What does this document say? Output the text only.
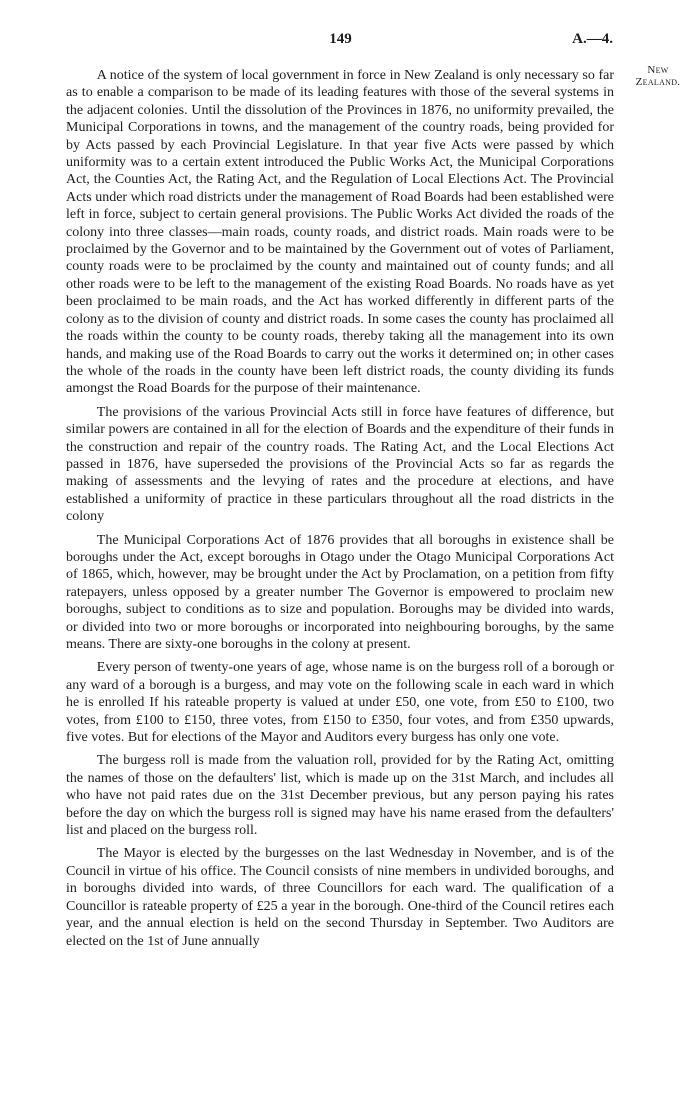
149	A.—4.
New
Zealand.

A notice of the system of local government in force in New Zealand is only necessary so far as to enable a comparison to be made of its leading features with those of the several systems in the adjacent colonies. Until the dissolution of the Provinces in 1876, no uniformity prevailed, the Municipal Corporations in towns, and the management of the country roads, being provided for by Acts passed by each Provincial Legislature. In that year five Acts were passed by which uniformity was to a certain extent introduced the Public Works Act, the Municipal Corporations Act, the Counties Act, the Rating Act, and the Regulation of Local Elections Act. The Provincial Acts under which road districts under the management of Road Boards had been established were left in force, subject to certain general provisions. The Public Works Act divided the roads of the colony into three classes—main roads, county roads, and district roads. Main roads were to be proclaimed by the Governor and to be maintained by the Government out of votes of Parliament, county roads were to be proclaimed by the county and maintained out of county funds; and all other roads were to be left to the management of the existing Road Boards. No roads have as yet been proclaimed to be main roads, and the Act has worked differently in different parts of the colony as to the division of county and district roads. In some cases the county has proclaimed all the roads within the county to be county roads, thereby taking all the management into its own hands, and making use of the Road Boards to carry out the works it determined on; in other cases the whole of the roads in the county have been left district roads, the county dividing its funds amongst the Road Boards for the purpose of their maintenance.

The provisions of the various Provincial Acts still in force have features of difference, but similar powers are contained in all for the election of Boards and the expenditure of their funds in the construction and repair of the country roads. The Rating Act, and the Local Elections Act passed in 1876, have superseded the provisions of the Provincial Acts so far as regards the making of assessments and the levying of rates and the procedure at elections, and have established a uniformity of practice in these particulars throughout all the road districts in the colony

The Municipal Corporations Act of 1876 provides that all boroughs in existence shall be boroughs under the Act, except boroughs in Otago under the Otago Municipal Corporations Act of 1865, which, however, may be brought under the Act by Proclamation, on a petition from fifty ratepayers, unless opposed by a greater number The Governor is empowered to proclaim new boroughs, subject to conditions as to size and population. Boroughs may be divided into wards, or divided into two or more boroughs or incorporated into neighbouring boroughs, by the same means. There are sixty-one boroughs in the colony at present.

Every person of twenty-one years of age, whose name is on the burgess roll of a borough or any ward of a borough is a burgess, and may vote on the following scale in each ward in which he is enrolled If his rateable property is valued at under £50, one vote, from £50 to £100, two votes, from £100 to £150, three votes, from £150 to £350, four votes, and from £350 upwards, five votes. But for elections of the Mayor and Auditors every burgess has only one vote.

The burgess roll is made from the valuation roll, provided for by the Rating Act, omitting the names of those on the defaulters' list, which is made up on the 31st March, and includes all who have not paid rates due on the 31st December previous, but any person paying his rates before the day on which the burgess roll is signed may have his name erased from the defaulters' list and placed on the burgess roll.

The Mayor is elected by the burgesses on the last Wednesday in November, and is of the Council in virtue of his office. The Council consists of nine members in undivided boroughs, and in boroughs divided into wards, of three Councillors for each ward. The qualification of a Councillor is rateable property of £25 a year in the borough. One-third of the Council retires each year, and the annual election is held on the second Thursday in September. Two Auditors are elected on the 1st of June annually
